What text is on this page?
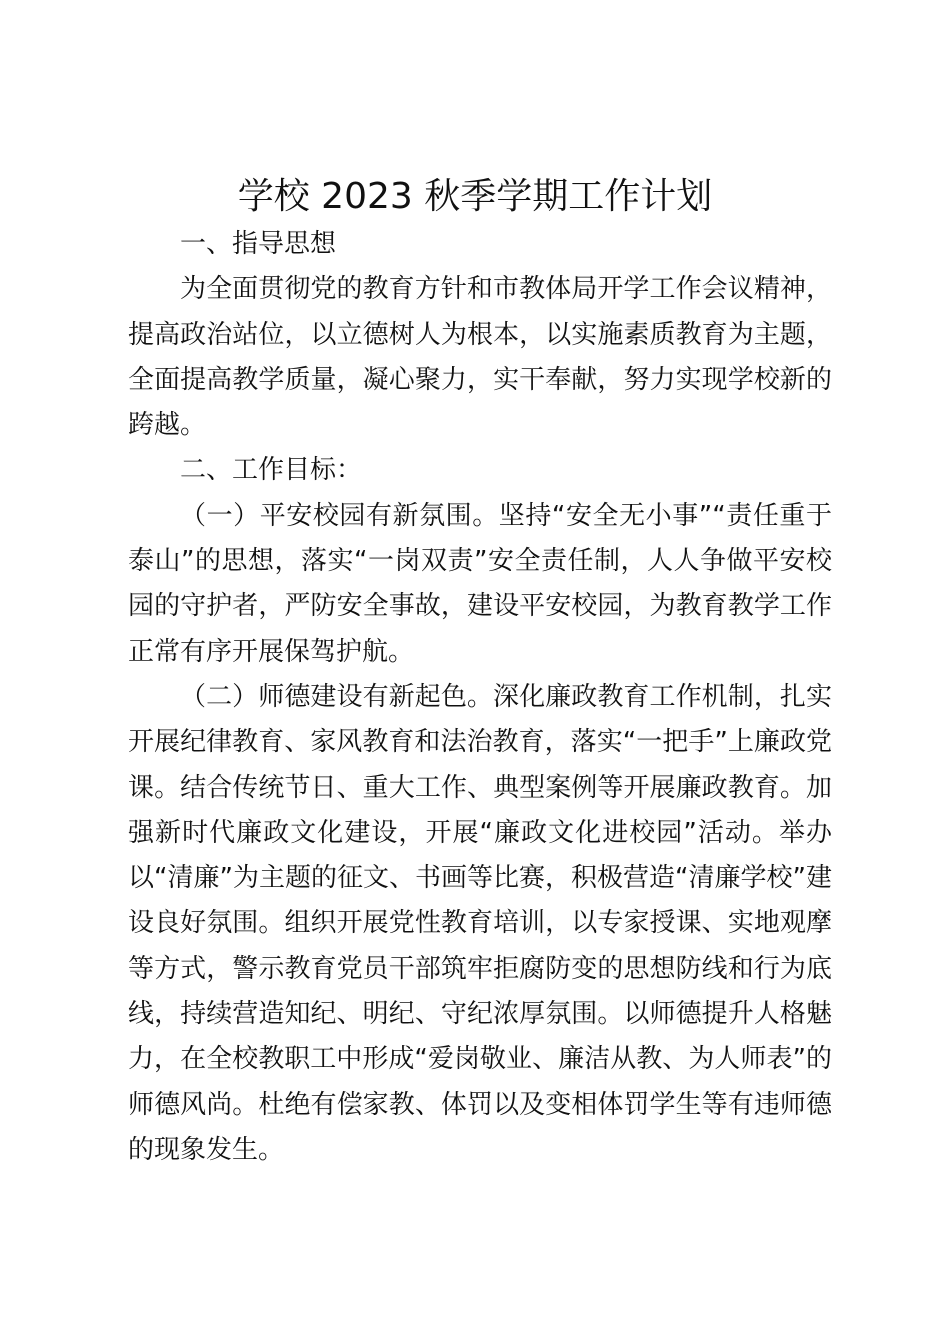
学校 2023 秋季学期工作计划

一、指导思想

为全面贯彻党的教育方针和市教体局开学工作会议精神，提高政治站位，以立德树人为根本，以实施素质教育为主题，全面提高教学质量，凝心聚力，实干奉献，努力实现学校新的跨越。

二、工作目标：

（一）平安校园有新氛围。坚持“安全无小事”“责任重于泰山”的思想，落实“一岗双责”安全责任制，人人争做平安校园的守护者，严防安全事故，建设平安校园，为教育教学工作正常有序开展保驾护航。

（二）师德建设有新起色。深化廉政教育工作机制，扎实开展纪律教育、家风教育和法治教育，落实“一把手”上廉政党课。结合传统节日、重大工作、典型案例等开展廉政教育。加强新时代廉政文化建设，开展“廉政文化进校园”活动。举办以“清廉”为主题的征文、书画等比赛，积极营造“清廉学校”建设良好氛围。组织开展党性教育培训，以专家授课、实地观摩等方式，警示教育党员干部筑牢拒腐防变的思想防线和行为底线，持续营造知纪、明纪、守纪浓厚氛围。以师德提升人格魅力，在全校教职工中形成“爱岗敬业、廉洁从教、为人师表”的师德风尚。杜绝有偿家教、体罚以及变相体罚学生等有违师德的现象发生。
